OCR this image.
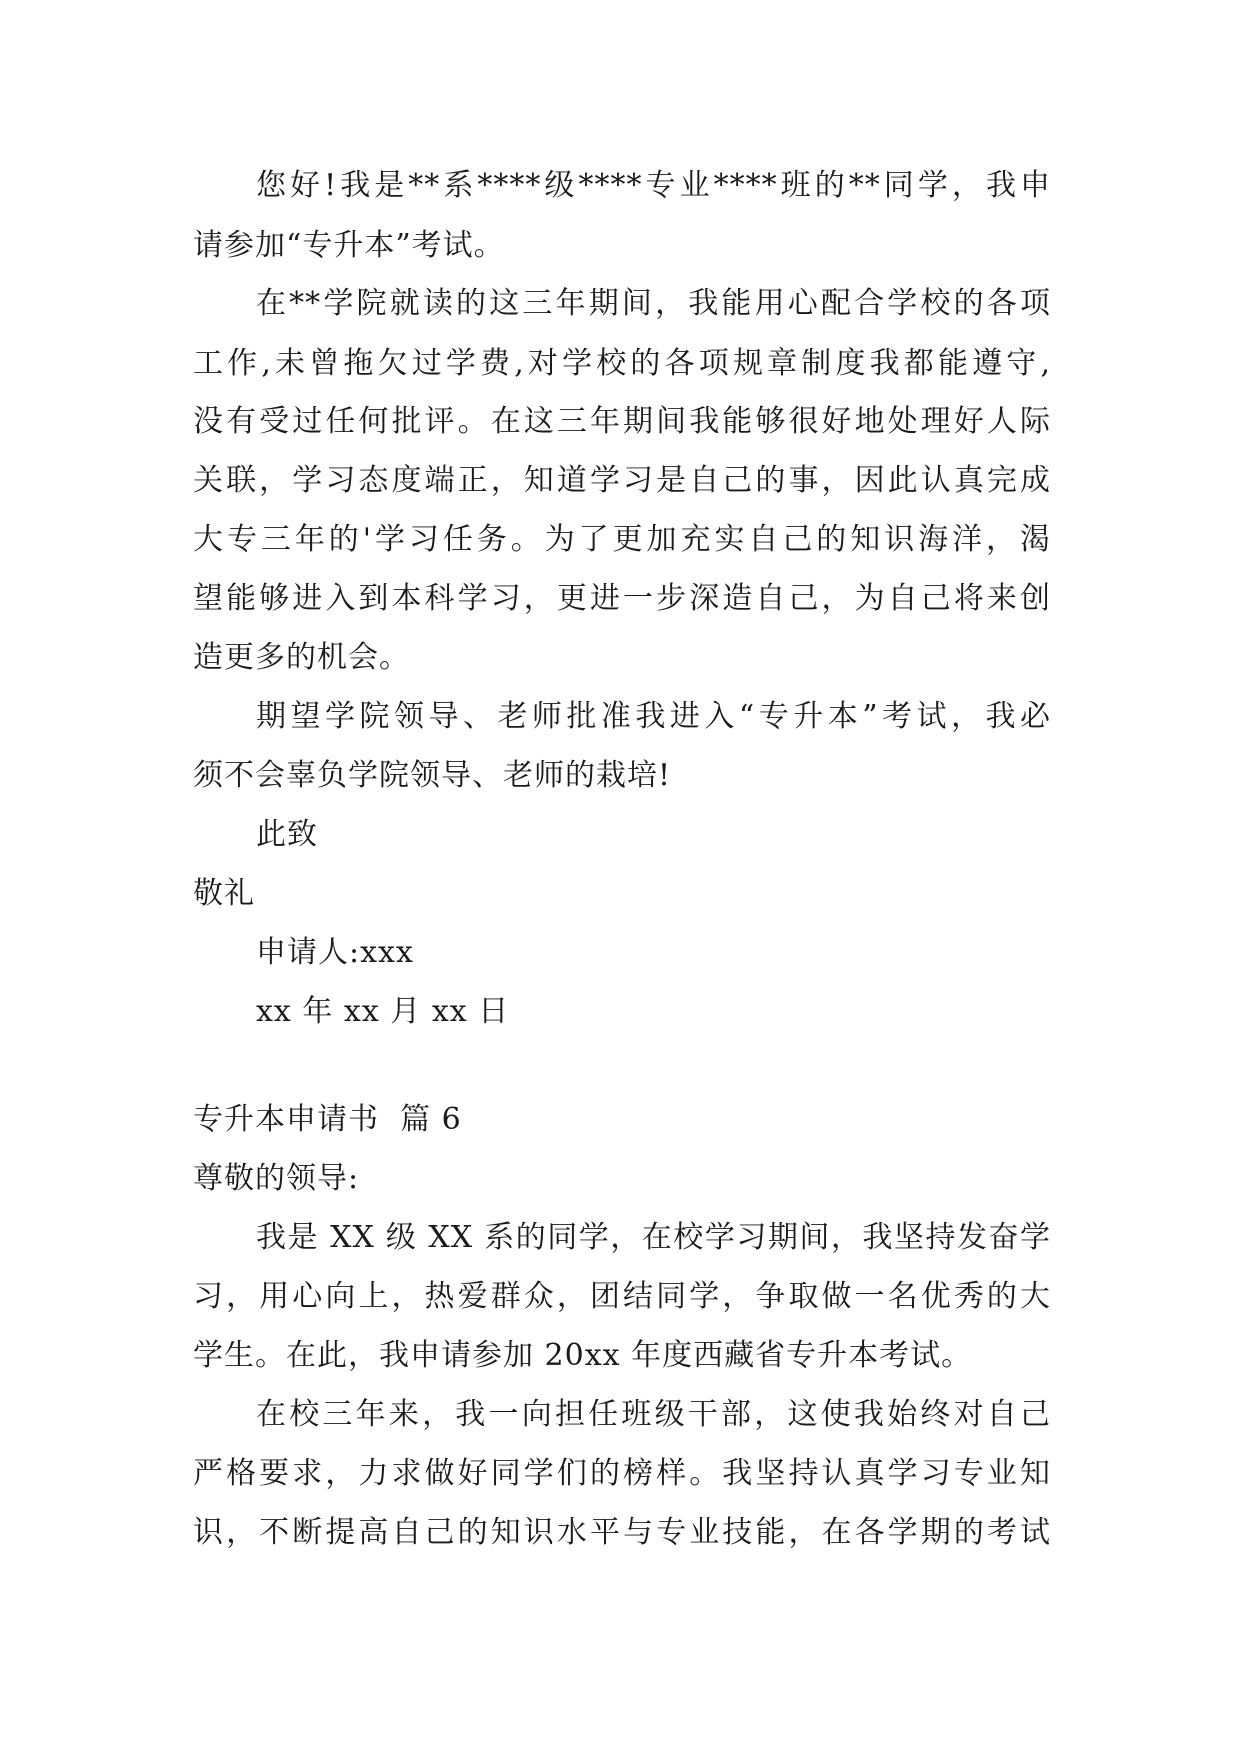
您好!我是**系****级****专业****班的**同学，我申
请参加“专升本”考试。
在**学院就读的这三年期间，我能用心配合学校的各项
工作,未曾拖欠过学费,对学校的各项规章制度我都能遵守,
没有受过任何批评。在这三年期间我能够很好地处理好人际
关联，学习态度端正，知道学习是自己的事，因此认真完成
大专三年的'学习任务。为了更加充实自己的知识海洋，渴
望能够进入到本科学习，更进一步深造自己，为自己将来创
造更多的机会。
期望学院领导、老师批准我进入“专升本”考试，我必
须不会辜负学院领导、老师的栽培!
此致
敬礼
申请人:xxx
xx 年 xx 月 xx 日
专升本申请书  篇 6
尊敬的领导:
我是 XX 级 XX 系的同学，在校学习期间，我坚持发奋学
习，用心向上，热爱群众，团结同学，争取做一名优秀的大
学生。在此，我申请参加 20xx 年度西藏省专升本考试。
在校三年来，我一向担任班级干部，这使我始终对自己
严格要求，力求做好同学们的榜样。我坚持认真学习专业知
识，不断提高自己的知识水平与专业技能，在各学期的考试
